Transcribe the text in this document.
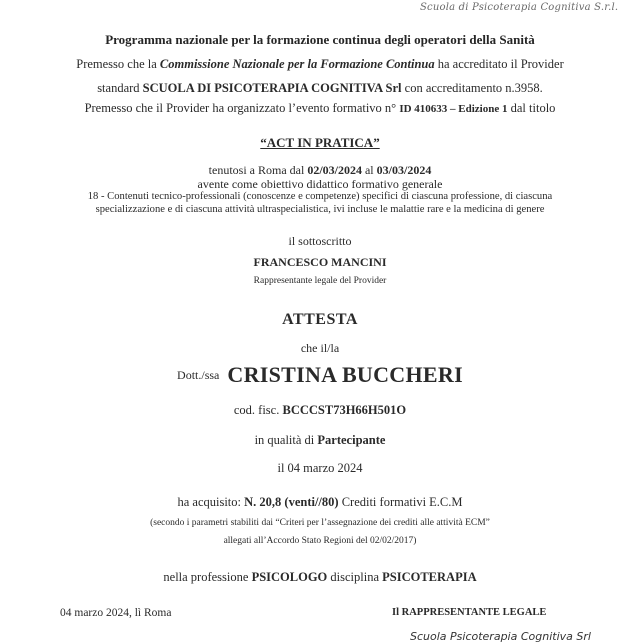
Scuola di Psicoterapia Cognitiva S.r.l.
Programma nazionale per la formazione continua degli operatori della Sanità
Premesso che la Commissione Nazionale per la Formazione Continua ha accreditato il Provider
standard SCUOLA DI PSICOTERAPIA COGNITIVA Srl con accreditamento n.3958.
Premesso che il Provider ha organizzato l’evento formativo n° ID 410633 – Edizione 1 dal titolo
“ACT IN PRATICA”
tenutosi a Roma dal 02/03/2024 al 03/03/2024
avente come obiettivo didattico formativo generale
18 - Contenuti tecnico-professionali (conoscenze e competenze) specifici di ciascuna professione, di ciascuna
specializzazione e di ciascuna attività ultraspecialistica, ivi incluse le malattie rare e la medicina di genere
il sottoscritto
FRANCESCO MANCINI
Rappresentante legale del Provider
ATTESTA
che il/la
Dott./ssa CRISTINA BUCCHERI
cod. fisc. BCCCST73H66H501O
in qualità di Partecipante
il 04 marzo 2024
ha acquisito: N. 20,8 (venti//80) Crediti formativi E.C.M
(secondo i parametri stabiliti dai “Criteri per l’assegnazione dei crediti alle attività ECM”
allegati all’Accordo Stato Regioni del 02/02/2017)
nella professione PSICOLOGO disciplina PSICOTERAPIA
04 marzo 2024, lì Roma	Il RAPPRESENTANTE LEGALE
Scuola Psicoterapia Cognitiva Srl
